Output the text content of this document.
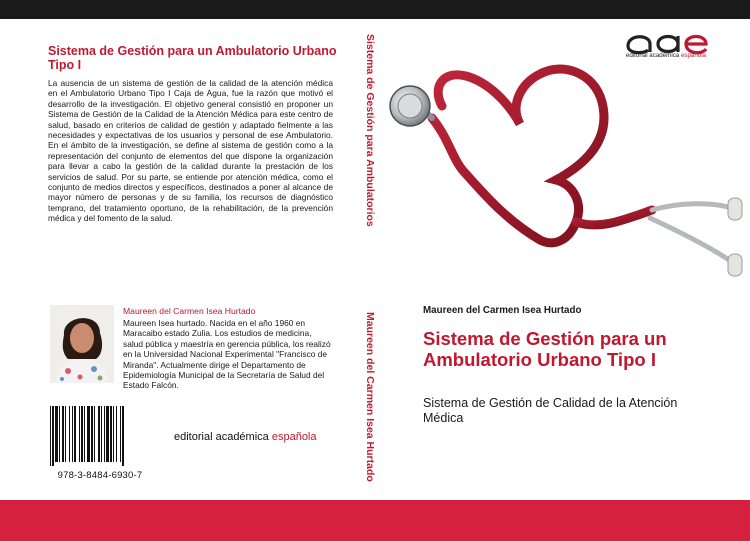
Sistema de Gestión para un Ambulatorio Urbano Tipo I
La ausencia de un sistema de gestión de la calidad de la atención médica en el Ambulatorio Urbano Tipo I Caja de Agua, fue la razón que motivó el desarrollo de la investigación. El objetivo general consistió en proponer un Sistema de Gestión de la Calidad de la Atención Médica para este centro de salud, basado en criterios de calidad de gestión y adaptado fielmente a las necesidades y expectativas de los usuarios y personal de ese Ambulatorio. En el ámbito de la investigación, se define al sistema de gestión como a la representación del conjunto de elementos del que dispone la organización para llevar a cabo la gestión de la calidad durante la prestación de los servicios de salud. Por su parte, se entiende por atención médica, como el conjunto de medios directos y específicos, destinados a poner al alcance de mayor número de personas y de su familia, los recursos de diagnóstico temprano, del tratamiento oportuno, de la rehabilitación, de la prevención médica y del fomento de la salud.
Maureen del Carmen Isea Hurtado
Maureen Isea hurtado. Nacida en el año 1960 en Maracaibo estado Zulia. Los estudios de medicina, salud pública y maestría en gerencia pública, los realizó en la Universidad Nacional Experimental "Francisco de Miranda". Actualmente dirige el Departamento de Epidemiología Municipal de la Secretaría de Salud del Estado Falcón.
978-3-8484-6930-7
editorial académica española
Sistema de Gestión para Ambulatorios
Maureen del Carmen Isea Hurtado
editorial académica española
Maureen del Carmen Isea Hurtado
Sistema de Gestión para un Ambulatorio Urbano Tipo I
Sistema de Gestión de Calidad de la Atención Médica
